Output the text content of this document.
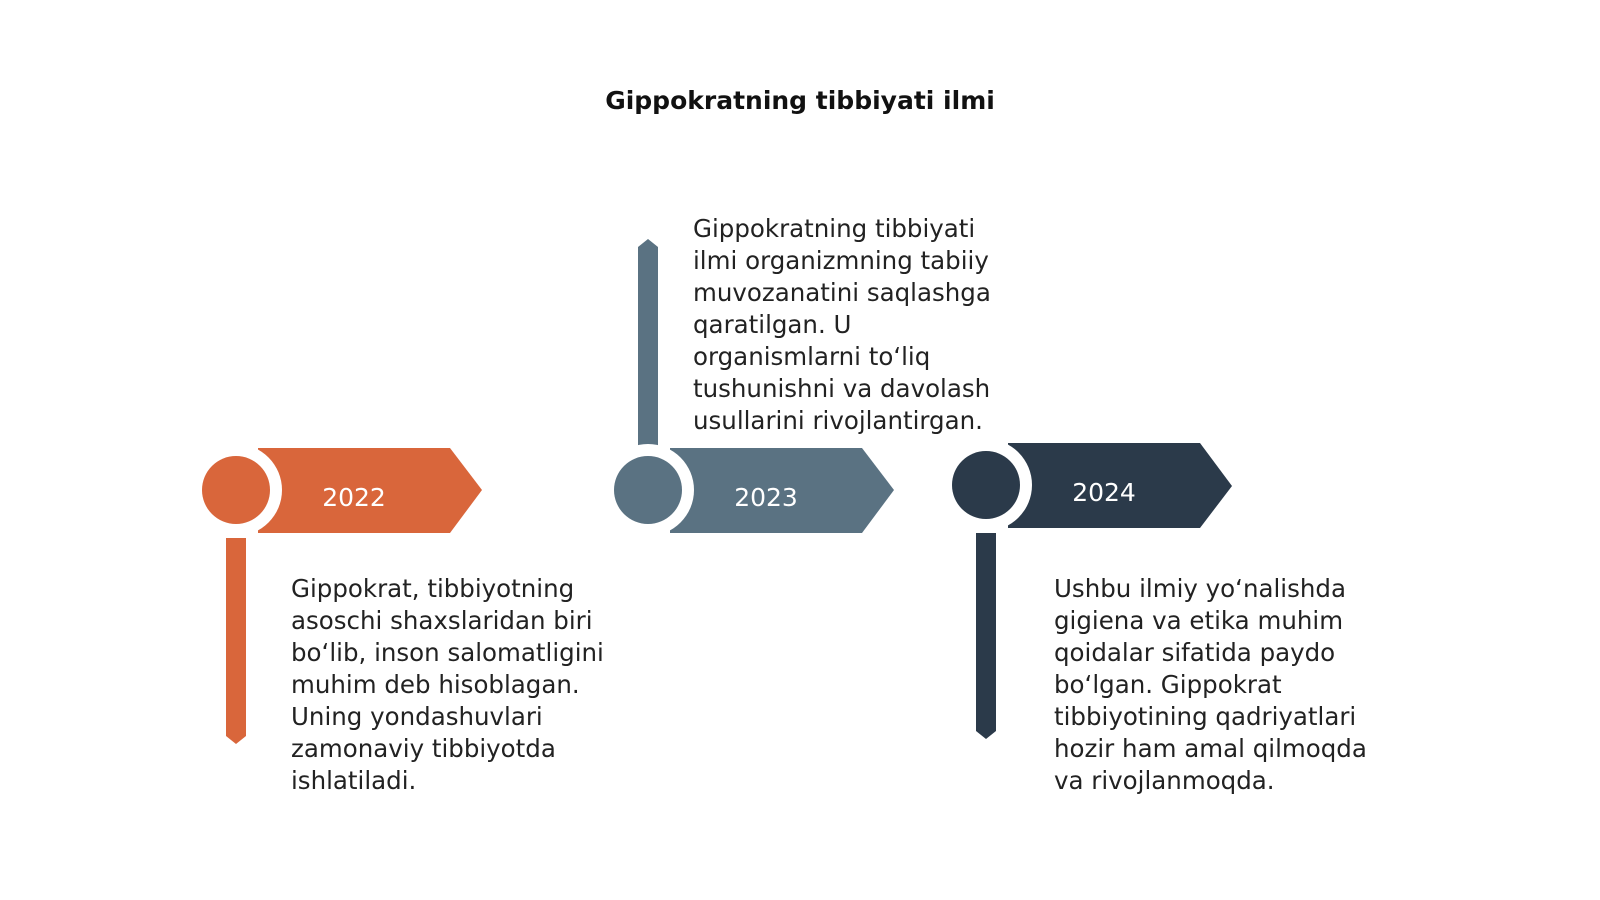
Gippokratning tibbiyati ilmi
2022	2023	2024
Gippokrat, tibbiyotning
asoschi shaxslaridan biri
bo‘lib, inson salomatligini
muhim deb hisoblagan.
Uning yondashuvlari
zamonaviy tibbiyotda
ishlatiladi.
Gippokratning tibbiyati
ilmi organizmning tabiiy
muvozanatini saqlashga
qaratilgan. U
organismlarni to‘liq
tushunishni va davolash
usullarini rivojlantirgan.
Ushbu ilmiy yo‘nalishda
gigiena va etika muhim
qoidalar sifatida paydo
bo‘lgan. Gippokrat
tibbiyotining qadriyatlari
hozir ham amal qilmoqda
va rivojlanmoqda.
